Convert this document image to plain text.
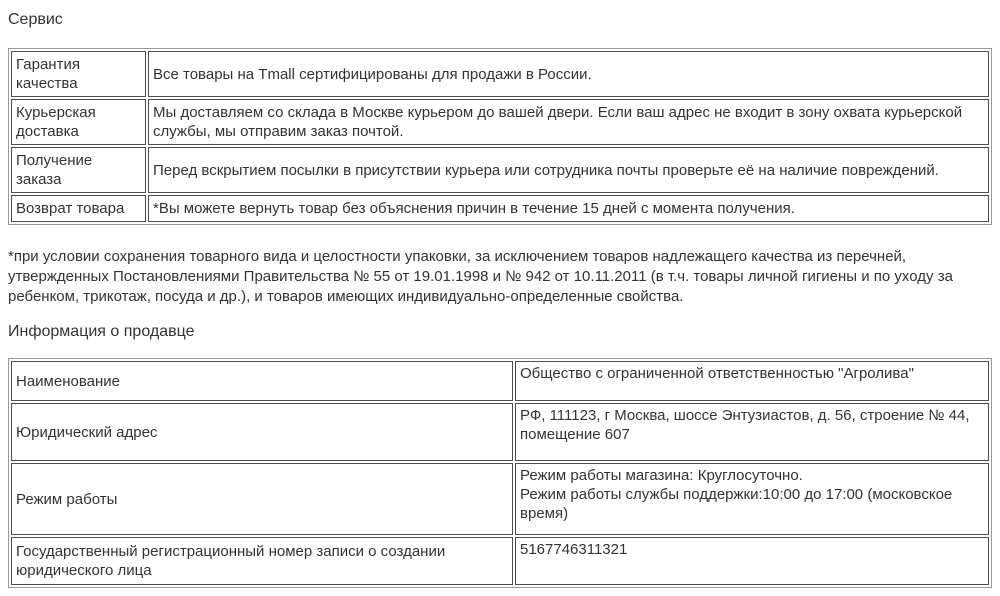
Сервис
Гарантия качества	Все товары на Tmall сертифицированы для продажи в России.
Курьерская доставка	Мы доставляем со склада в Москве курьером до вашей двери. Если ваш адрес не входит в зону охвата курьерской службы, мы отправим заказ почтой.
Получение заказа	Перед вскрытием посылки в присутствии курьера или сотрудника почты проверьте её на наличие повреждений.
Возврат товара	*Вы можете вернуть товар без объяснения причин в течение 15 дней с момента получения.

*при условии сохранения товарного вида и целостности упаковки, за исключением товаров надлежащего качества из перечней, утвержденных Постановлениями Правительства № 55 от 19.01.1998 и № 942 от 10.11.2011 (в т.ч. товары личной гигиены и по уходу за ребенком, трикотаж, посуда и др.), и товаров имеющих индивидуально-определенные свойства.

Информация о продавце
Наименование	Общество с ограниченной ответственностью "Агролива"

Юридический адрес	РФ, 111123, г Москва, шоссе Энтузиастов, д. 56, строение № 44, помещение 607

Режим работы	Режим работы магазина: Круглосуточно.
Режим работы службы поддержки:10:00 до 17:00 (московское время)

Государственный регистрационный номер записи о создании юридического лица	5167746311321
